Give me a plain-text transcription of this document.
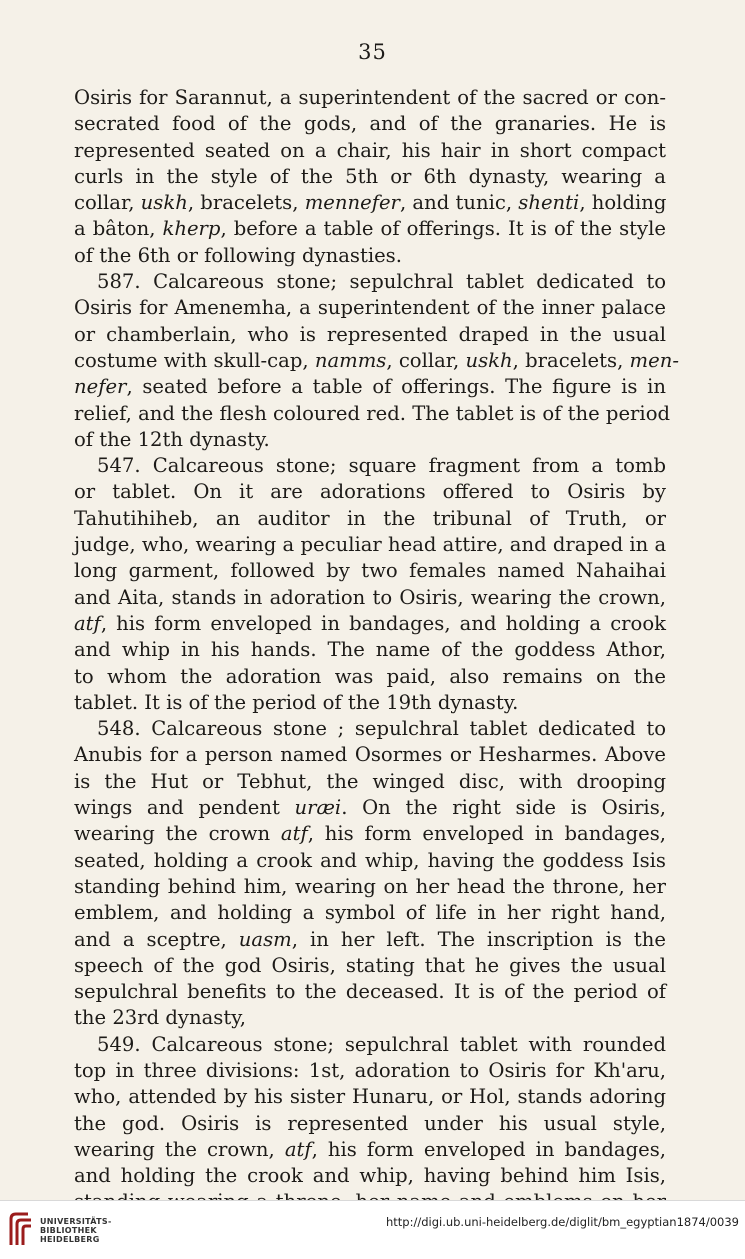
35
Osiris for Sarannut, a superintendent of the sacred or con-
secrated food of the gods, and of the granaries. He is
represented seated on a chair, his hair in short compact
curls in the style of the 5th or 6th dynasty, wearing a
collar, uskh, bracelets, mennefer, and tunic, shenti, holding
a bâton, kherp, before a table of offerings. It is of the style
of the 6th or following dynasties.
587. Calcareous stone; sepulchral tablet dedicated to
Osiris for Amenemha, a superintendent of the inner palace
or chamberlain, who is represented draped in the usual
costume with skull-cap, namms, collar, uskh, bracelets, men-
nefer, seated before a table of offerings. The figure is in
relief, and the flesh coloured red. The tablet is of the period
of the 12th dynasty.
547. Calcareous stone; square fragment from a tomb
or tablet. On it are adorations offered to Osiris by
Tahutihiheb, an auditor in the tribunal of Truth, or
judge, who, wearing a peculiar head attire, and draped in a
long garment, followed by two females named Nahaihai
and Aita, stands in adoration to Osiris, wearing the crown,
atf, his form enveloped in bandages, and holding a crook
and whip in his hands. The name of the goddess Athor,
to whom the adoration was paid, also remains on the
tablet. It is of the period of the 19th dynasty.
548. Calcareous stone ; sepulchral tablet dedicated to
Anubis for a person named Osormes or Hesharmes. Above
is the Hut or Tebhut, the winged disc, with drooping
wings and pendent uræi. On the right side is Osiris,
wearing the crown atf, his form enveloped in bandages,
seated, holding a crook and whip, having the goddess Isis
standing behind him, wearing on her head the throne, her
emblem, and holding a symbol of life in her right hand,
and a sceptre, uasm, in her left. The inscription is the
speech of the god Osiris, stating that he gives the usual
sepulchral benefits to the deceased. It is of the period of
the 23rd dynasty,
549. Calcareous stone; sepulchral tablet with rounded
top in three divisions: 1st, adoration to Osiris for Kh'aru,
who, attended by his sister Hunaru, or Hol, stands adoring
the god. Osiris is represented under his usual style,
wearing the crown, atf, his form enveloped in bandages,
and holding the crook and whip, having behind him Isis,
UNIVERSITÄTS-
BIBLIOTHEK
HEIDELBERG
http://digi.ub.uni-heidelberg.de/diglit/bm_egyptian1874/0039
